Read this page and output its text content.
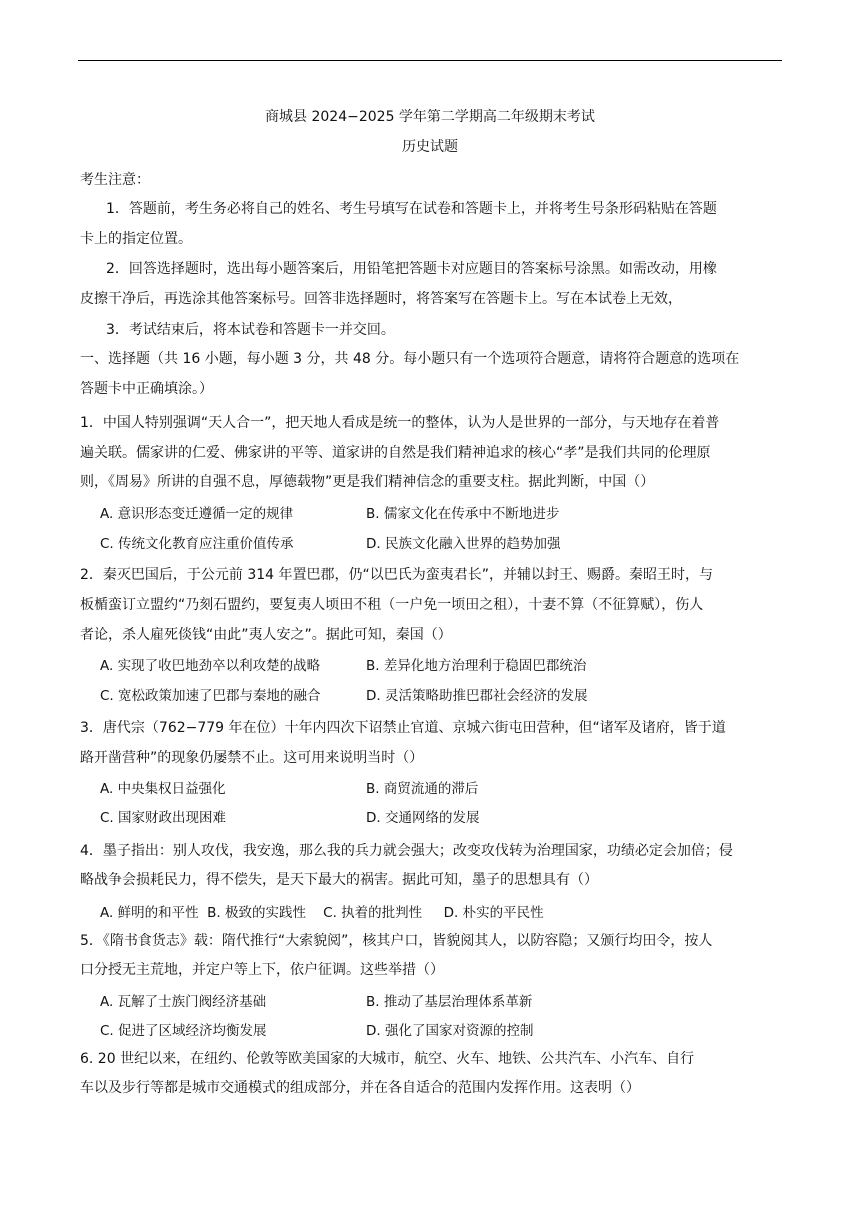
商城县 2024−2025 学年第二学期高二年级期末考试
历史试题
考生注意：
1．答题前，考生务必将自己的姓名、考生号填写在试卷和答题卡上，并将考生号条形码粘贴在答题
卡上的指定位置。
2．回答选择题时，选出每小题答案后，用铅笔把答题卡对应题目的答案标号涂黑。如需改动，用橡
皮擦干净后，再选涂其他答案标号。回答非选择题时，将答案写在答题卡上。写在本试卷上无效，
3．考试结束后，将本试卷和答题卡一并交回。
一、选择题（共 16 小题，每小题 3 分，共 48 分。每小题只有一个选项符合题意，请将符合题意的选项在
答题卡中正确填涂。）
1．中国人特别强调“天人合一”，把天地人看成是统一的整体，认为人是世界的一部分，与天地存在着普
遍关联。儒家讲的仁爱、佛家讲的平等、道家讲的自然是我们精神追求的核心“孝”是我们共同的伦理原
则，《周易》所讲的自强不息，厚德载物”更是我们精神信念的重要支柱。据此判断，中国（）
A. 意识形态变迁遵循一定的规律	B. 儒家文化在传承中不断地进步
C. 传统文化教育应注重价值传承	D. 民族文化融入世界的趋势加强
2．秦灭巴国后，于公元前 314 年置巴郡，仍“以巴氏为蛮夷君长”，并辅以封王、赐爵。秦昭王时，与
板楯蛮订立盟约“乃刻石盟约，要复夷人顷田不租（一户免一顷田之租），十妻不算（不征算赋），伤人
者论，杀人雇死倓钱“由此”夷人安之”。据此可知，秦国（）
A. 实现了收巴地劲卒以利攻楚的战略	B. 差异化地方治理利于稳固巴郡统治
C. 宽松政策加速了巴郡与秦地的融合	D. 灵活策略助推巴郡社会经济的发展
3．唐代宗（762−779 年在位）十年内四次下诏禁止官道、京城六街屯田营种，但“诸军及诸府，皆于道
路开凿营种”的现象仍屡禁不止。这可用来说明当时（）
A. 中央集权日益强化	B. 商贸流通的滞后
C. 国家财政出现困难	D. 交通网络的发展
4．墨子指出：别人攻伐，我安逸，那么我的兵力就会强大；改变攻伐转为治理国家，功绩必定会加倍；侵
略战争会损耗民力，得不偿失，是天下最大的祸害。据此可知，墨子的思想具有（）
A. 鲜明的和平性  B. 极致的实践性    C. 执着的批判性     D. 朴实的平民性
5．《隋书食货志》载：隋代推行“大索貌阅”，核其户口，皆貌阅其人，以防容隐；又颁行均田令，按人
口分授无主荒地，并定户等上下，依户征调。这些举措（）
A. 瓦解了士族门阀经济基础	B. 推动了基层治理体系革新
C. 促进了区域经济均衡发展	D. 强化了国家对资源的控制
6. 20 世纪以来，在纽约、伦敦等欧美国家的大城市，航空、火车、地铁、公共汽车、小汽车、自行
车以及步行等都是城市交通模式的组成部分，并在各自适合的范围内发挥作用。这表明（）
